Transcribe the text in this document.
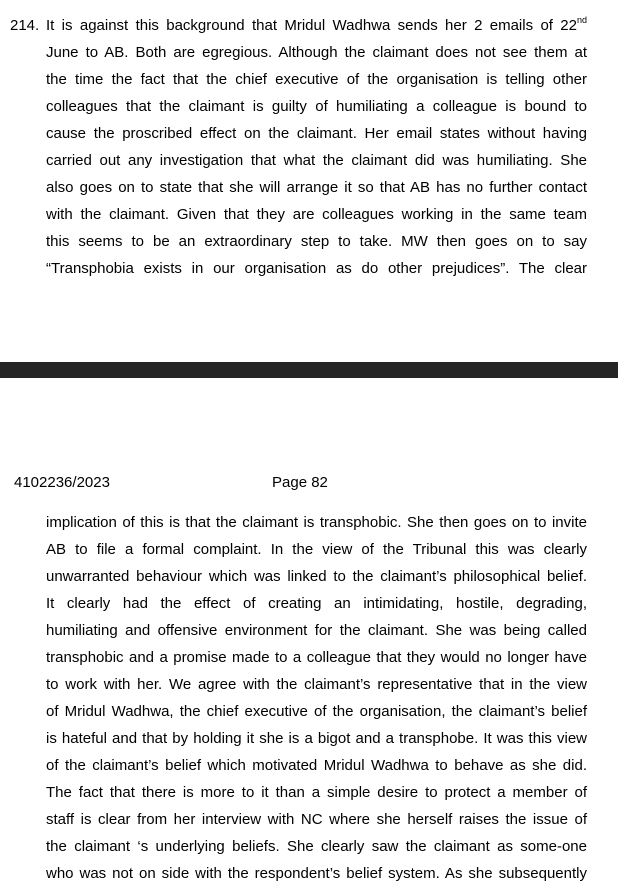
214. It is against this background that Mridul Wadhwa sends her 2 emails of 22nd

June to AB. Both are egregious. Although the claimant does not see them at

the time the fact that the chief executive of the organisation is telling other

colleagues that the claimant is guilty of humiliating a colleague is bound to

cause the proscribed effect on the claimant. Her email states without having

carried out any investigation that what the claimant did was humiliating. She

also goes on to state that she will arrange it so that AB has no further contact

with the claimant. Given that they are colleagues working in the same team

this seems to be an extraordinary step to take. MW then goes on to say

“Transphobia exists in our organisation as do other prejudices”. The clear

4102236/2023	Page 82

implication of this is that the claimant is transphobic. She then goes on to invite

AB to file a formal complaint. In the view of the Tribunal this was clearly

unwarranted behaviour which was linked to the claimant’s philosophical belief.

It clearly had the effect of creating an intimidating, hostile, degrading,

humiliating and offensive environment for the claimant. She was being called

transphobic and a promise made to a colleague that they would no longer have

to work with her. We agree with the claimant’s representative that in the view

of Mridul Wadhwa, the chief executive of the organisation, the claimant’s belief

is hateful and that by holding it she is a bigot and a transphobe. It was this view

of the claimant’s belief which motivated Mridul Wadhwa to behave as she did.

The fact that there is more to it than a simple desire to protect a member of

staff is clear from her interview with NC where she herself raises the issue of

the claimant ‘s underlying beliefs. She clearly saw the claimant as some-one

who was not on side with the respondent’s belief system. As she subsequently
